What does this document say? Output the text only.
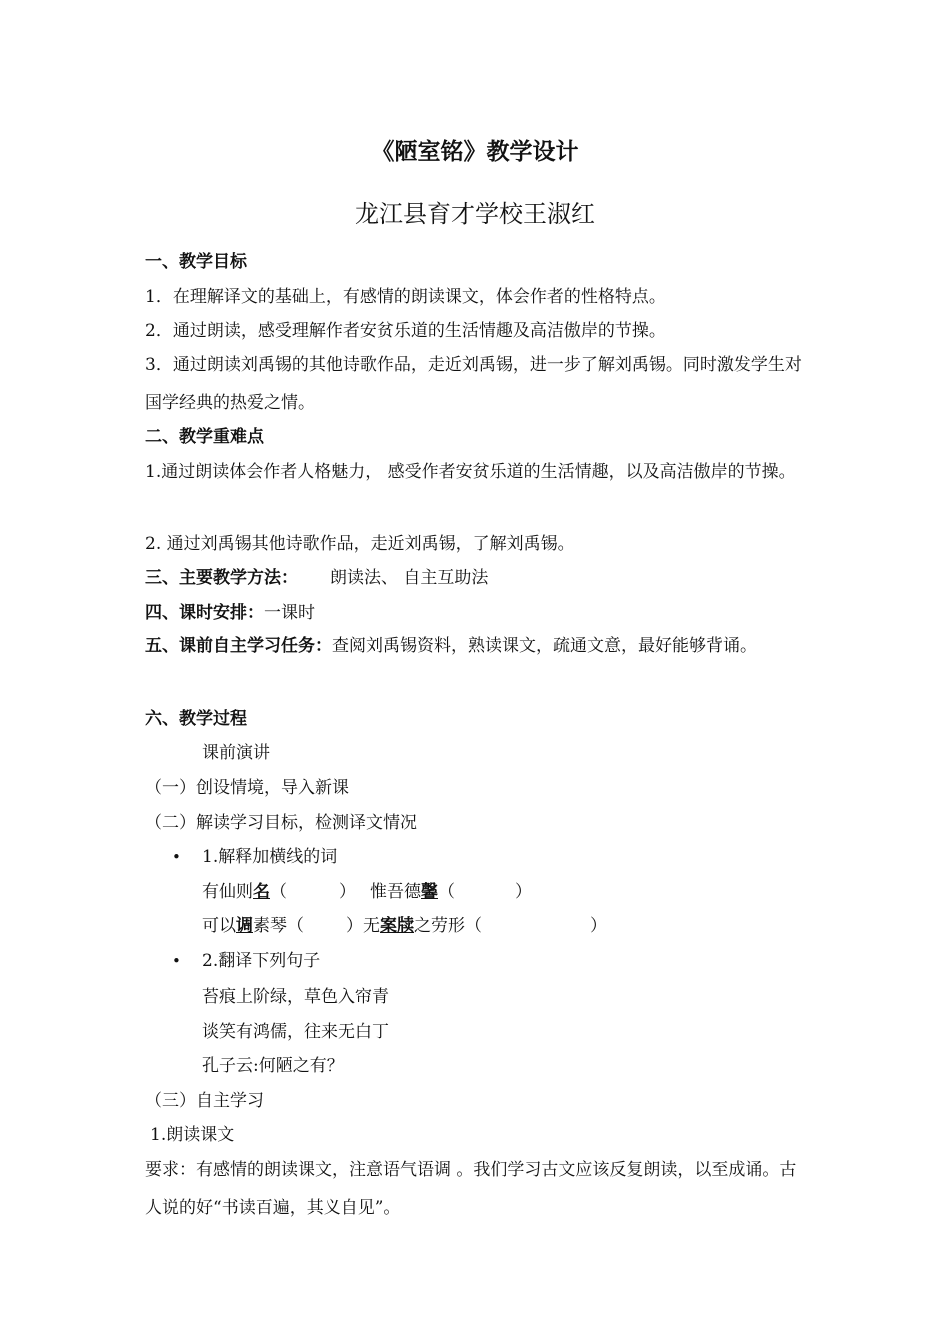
《陋室铭》教学设计
龙江县育才学校王淑红
一、教学目标
1．在理解译文的基础上，有感情的朗读课文，体会作者的性格特点。
2．通过朗读，感受理解作者安贫乐道的生活情趣及高洁傲岸的节操。
3．通过朗读刘禹锡的其他诗歌作品，走近刘禹锡，进一步了解刘禹锡。同时激发学生对国学经典的热爱之情。
二、教学重难点
1.通过朗读体会作者人格魅力， 感受作者安贫乐道的生活情趣，以及高洁傲岸的节操。
2. 通过刘禹锡其他诗歌作品，走近刘禹锡，了解刘禹锡。
三、主要教学方法： 朗读法、 自主互助法
四、课时安排：一课时
五、课前自主学习任务：查阅刘禹锡资料，熟读课文，疏通文意，最好能够背诵。
六、教学过程
课前演讲
（一）创设情境，导入新课
（二）解读学习目标，检测译文情况
• 1.解释加横线的词
有仙则名（	） 惟吾德馨（	）
可以调素琴（ ）无案牍之劳形（	）
• 2.翻译下列句子
苔痕上阶绿，草色入帘青
谈笑有鸿儒，往来无白丁
孔子云:何陋之有？
（三）自主学习
1.朗读课文
要求：有感情的朗读课文，注意语气语调 。我们学习古文应该反复朗读，以至成诵。古人说的好“书读百遍，其义自见”。
